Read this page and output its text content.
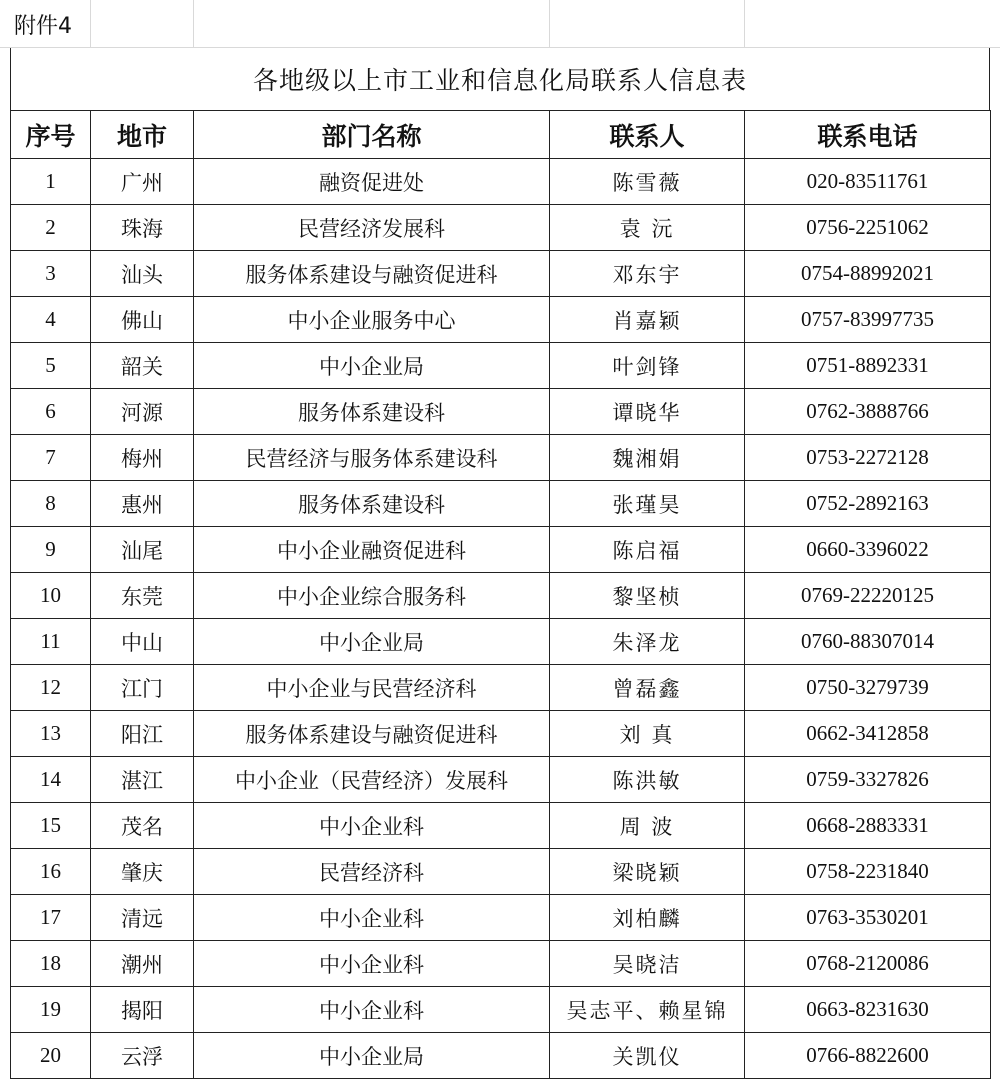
附件4
各地级以上市工业和信息化局联系人信息表
序号	地市	部门名称	联系人	联系电话
1	广州	融资促进处	陈雪薇	020-83511761
2	珠海	民营经济发展科	袁 沅	0756-2251062
3	汕头	服务体系建设与融资促进科	邓东宇	0754-88992021
4	佛山	中小企业服务中心	肖嘉颖	0757-83997735
5	韶关	中小企业局	叶剑锋	0751-8892331
6	河源	服务体系建设科	谭晓华	0762-3888766
7	梅州	民营经济与服务体系建设科	魏湘娟	0753-2272128
8	惠州	服务体系建设科	张瑾昊	0752-2892163
9	汕尾	中小企业融资促进科	陈启福	0660-3396022
10	东莞	中小企业综合服务科	黎坚桢	0769-22220125
11	中山	中小企业局	朱泽龙	0760-88307014
12	江门	中小企业与民营经济科	曾磊鑫	0750-3279739
13	阳江	服务体系建设与融资促进科	刘 真	0662-3412858
14	湛江	中小企业（民营经济）发展科	陈洪敏	0759-3327826
15	茂名	中小企业科	周 波	0668-2883331
16	肇庆	民营经济科	梁晓颖	0758-2231840
17	清远	中小企业科	刘柏麟	0763-3530201
18	潮州	中小企业科	吴晓洁	0768-2120086
19	揭阳	中小企业科	吴志平、赖星锦	0663-8231630
20	云浮	中小企业局	关凯仪	0766-8822600
